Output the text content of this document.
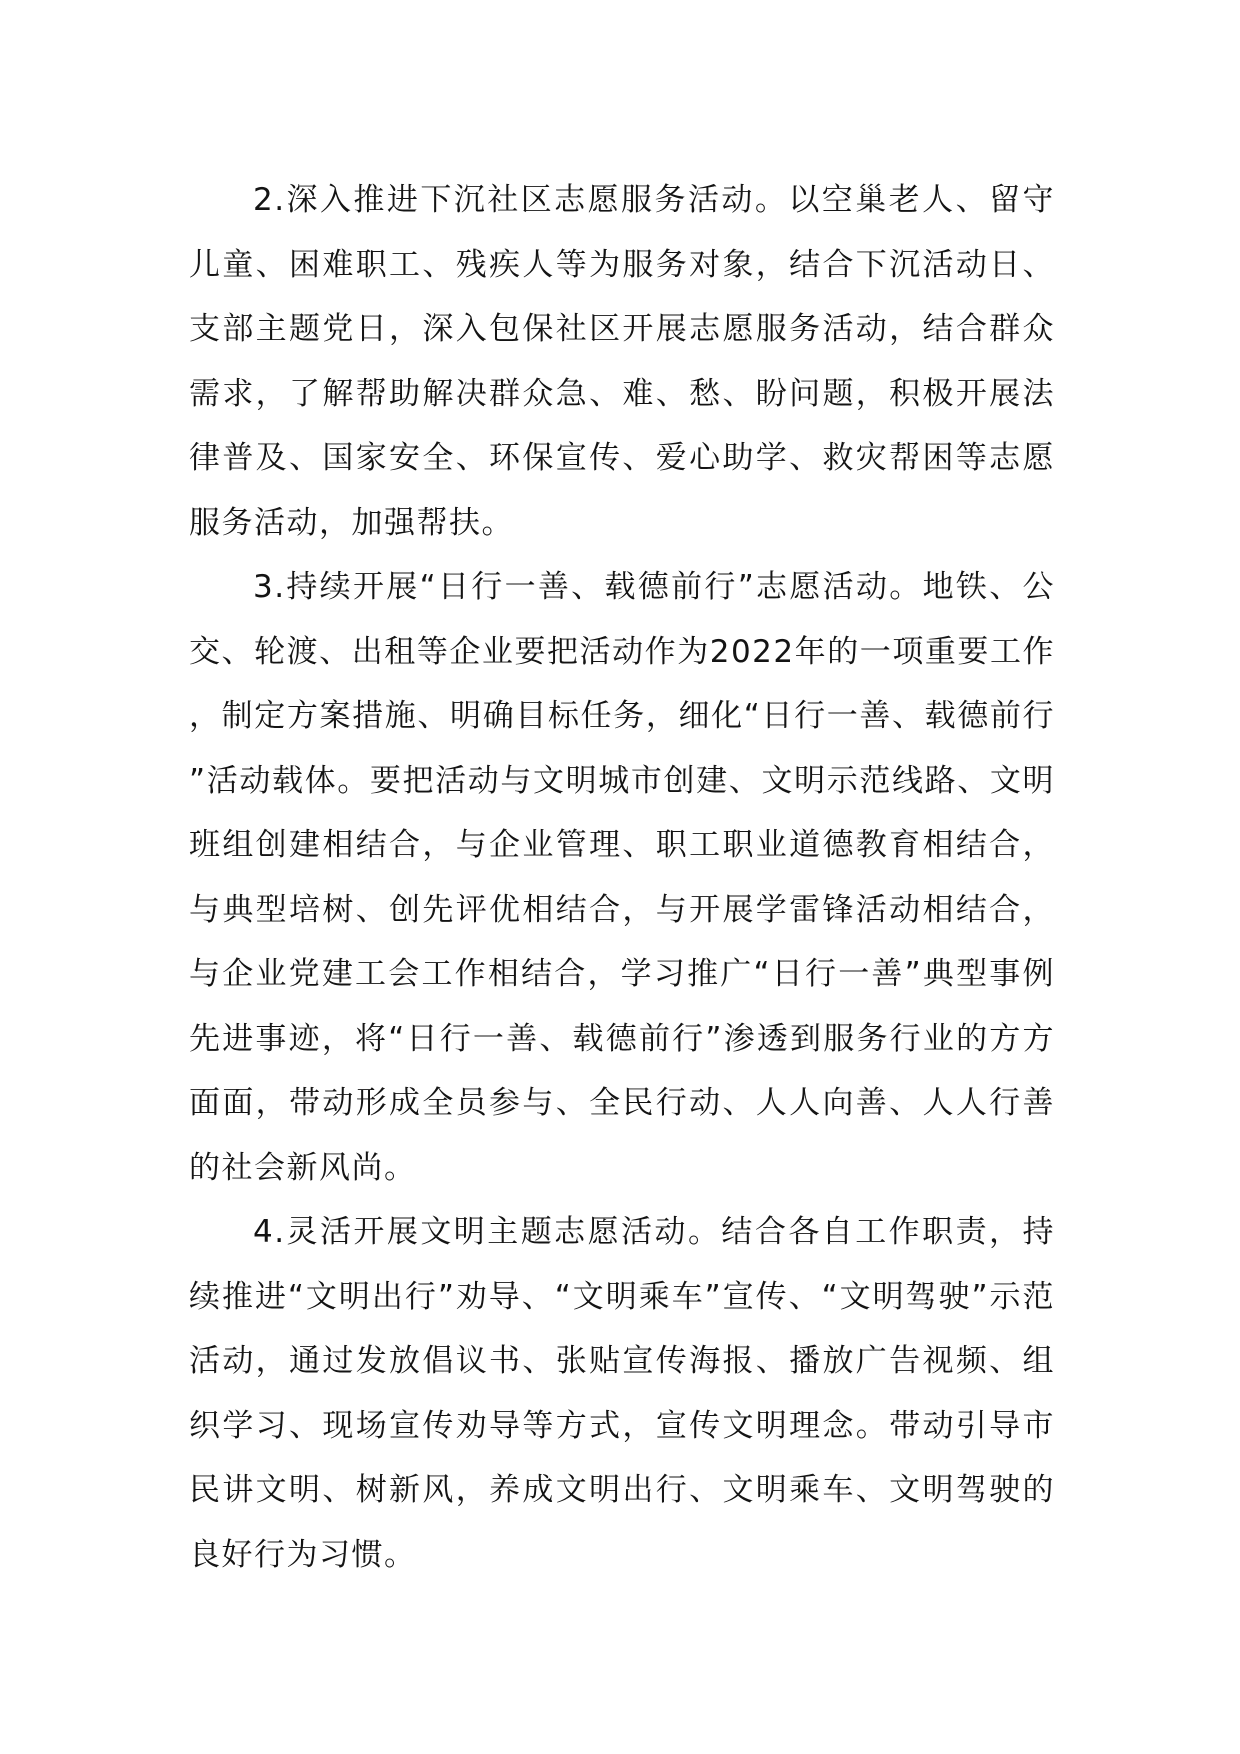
2.深入推进下沉社区志愿服务活动。以空巢老人、留守儿童、困难职工、残疾人等为服务对象，结合下沉活动日、支部主题党日，深入包保社区开展志愿服务活动，结合群众需求，了解帮助解决群众急、难、愁、盼问题，积极开展法律普及、国家安全、环保宣传、爱心助学、救灾帮困等志愿服务活动，加强帮扶。

3.持续开展“日行一善、载德前行”志愿活动。地铁、公交、轮渡、出租等企业要把活动作为2022年的一项重要工作，制定方案措施、明确目标任务，细化“日行一善、载德前行”活动载体。要把活动与文明城市创建、文明示范线路、文明班组创建相结合，与企业管理、职工职业道德教育相结合，与典型培树、创先评优相结合，与开展学雷锋活动相结合，与企业党建工会工作相结合，学习推广“日行一善”典型事例先进事迹，将“日行一善、载德前行”渗透到服务行业的方方面面，带动形成全员参与、全民行动、人人向善、人人行善的社会新风尚。

4.灵活开展文明主题志愿活动。结合各自工作职责，持续推进“文明出行”劝导、“文明乘车”宣传、“文明驾驶”示范活动，通过发放倡议书、张贴宣传海报、播放广告视频、组织学习、现场宣传劝导等方式，宣传文明理念。带动引导市民讲文明、树新风，养成文明出行、文明乘车、文明驾驶的良好行为习惯。
